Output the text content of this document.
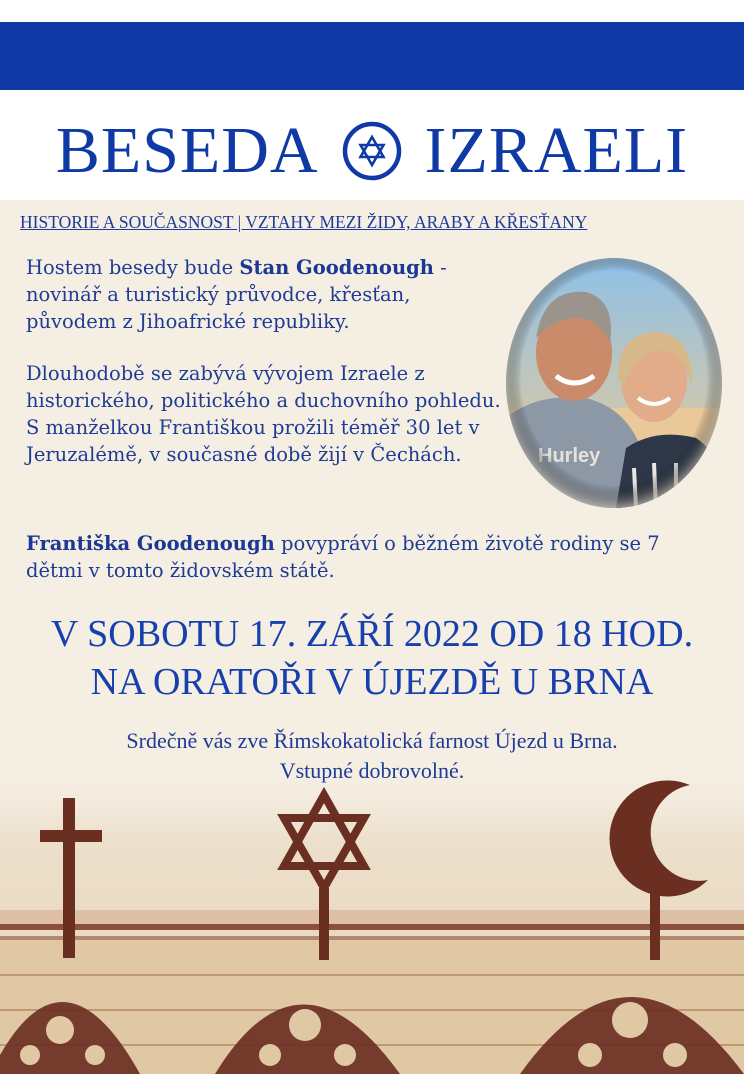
BESEDA IZRAELI
HISTORIE A SOUČASNOST | VZTAHY MEZI ŽIDY, ARABY A KŘESŤANY
Hostem besedy bude Stan Goodenough - novinář a turistický průvodce, křesťan, původem z Jihoafrické republiky.
Dlouhodobě se zabývá vývojem Izraele z historického, politického a duchovního pohledu. S manželkou Františkou prožili téměř 30 let v Jeruzalémě, v současné době žijí v Čechách.
Františka Goodenough povypráví o běžném životě rodiny se 7 dětmi v tomto židovském státě.
V SOBOTU 17. ZÁŘÍ 2022 OD 18 HOD.
NA ORATOŘI V ÚJEZDĚ U BRNA
Srdečně vás zve Římskokatolická farnost Újezd u Brna.
Vstupné dobrovolné.
